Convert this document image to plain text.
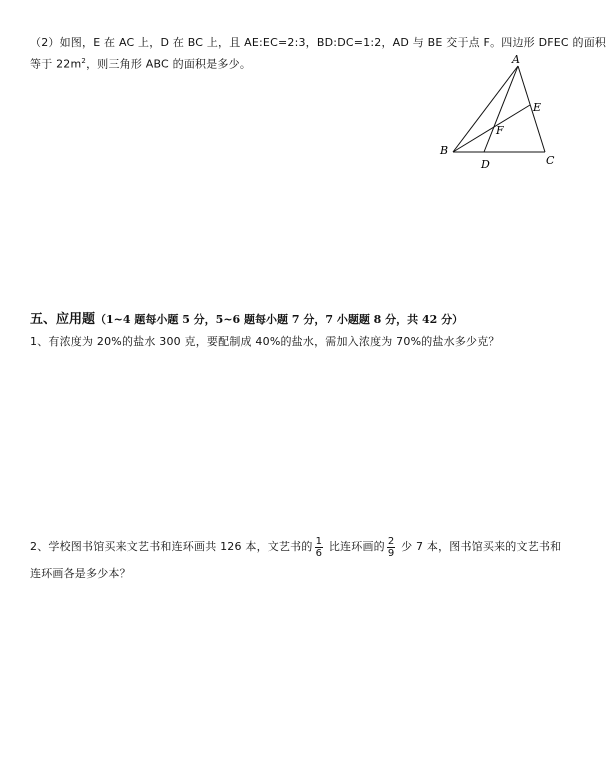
（2）如图，E 在 AC 上，D 在 BC 上，且 AE:EC=2:3，BD:DC=1:2，AD 与 BE 交于点 F。四边形 DFEC 的面积
等于 $22m^2$，则三角形 ABC 的面积是多少。	A
B
C
D
E
F
五、应用题（1~4 题每小题 5 分，5~6 题每小题 7 分，7 小题题 8 分，共 42 分）
1、有浓度为 20%的盐水 300 克，要配制成 40%的盐水，需加入浓度为 70%的盐水多少克？
2、学校图书馆买来文艺书和连环画共 126 本，文艺书的 $\frac{1}{6}$ 比连环画的 $\frac{2}{9}$ 少 7 本，图书馆买来的文艺书和
连环画各是多少本？
